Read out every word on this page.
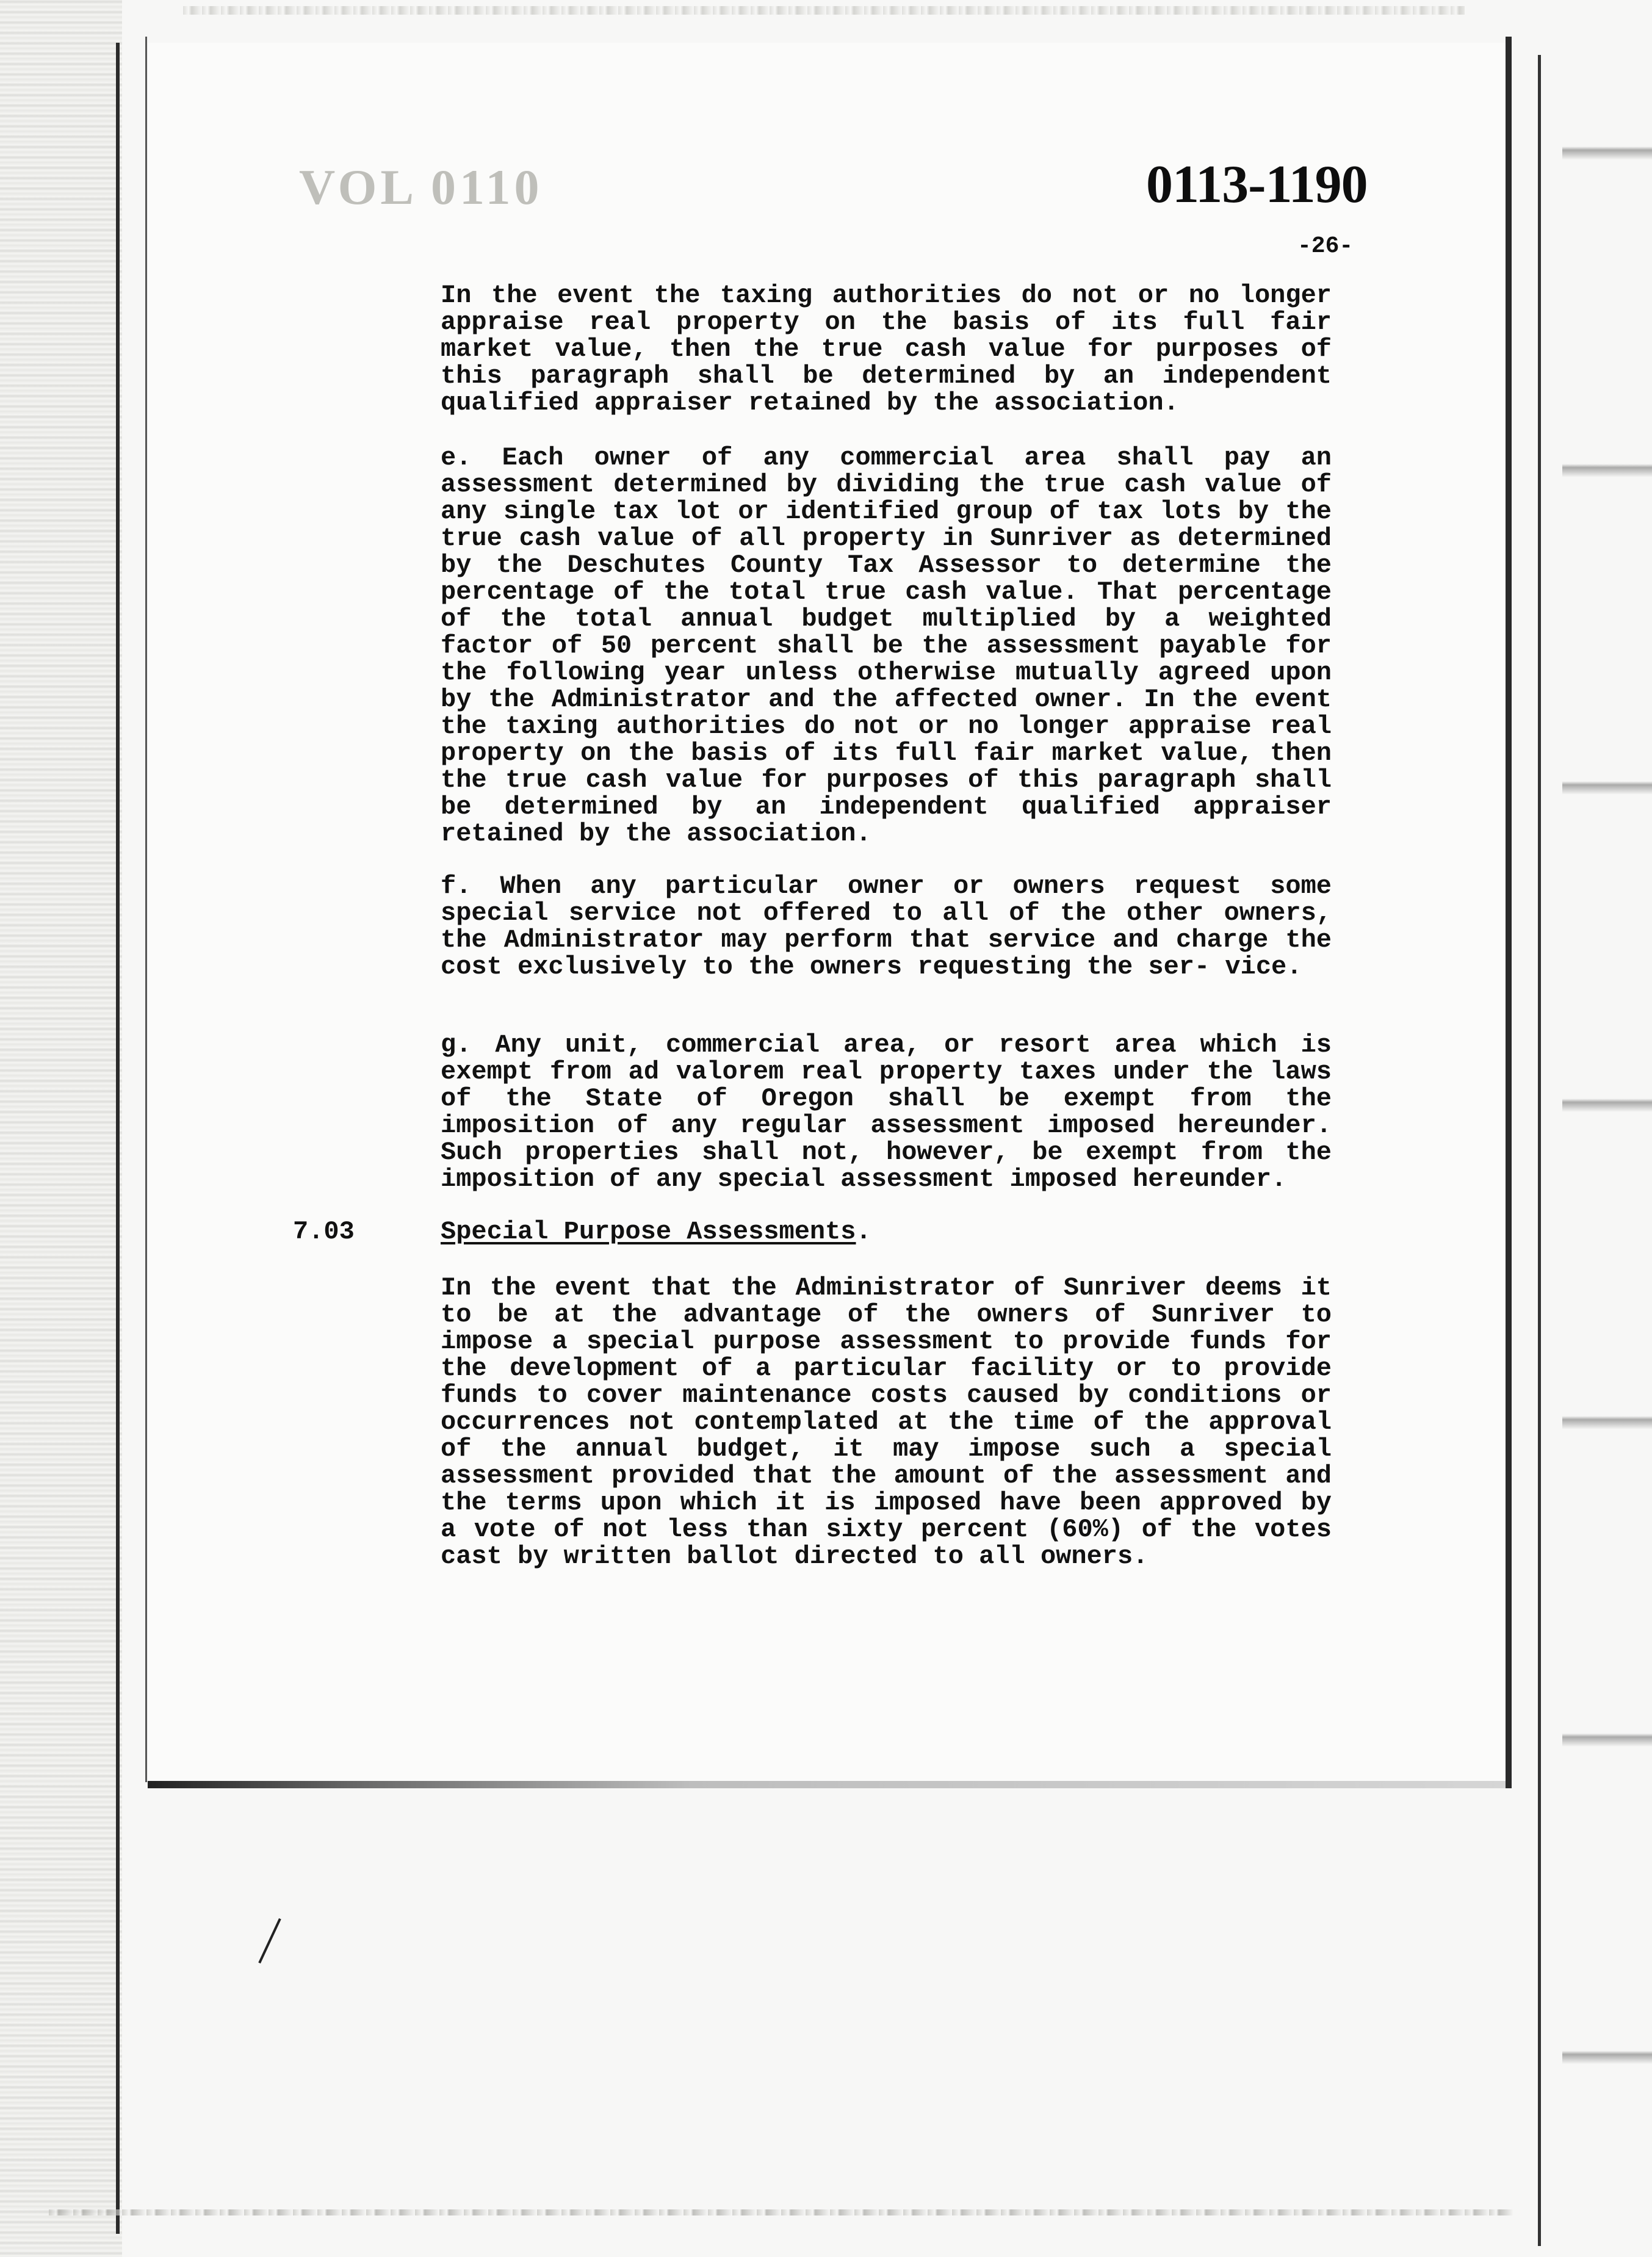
VOL 0110	0113-1190
-26-

In the event the taxing authorities do not or no longer appraise real property on the basis of its full fair market value, then the true cash value for purposes of this paragraph shall be determined by an independent qualified appraiser retained by the association.

e. Each owner of any commercial area shall pay an assessment determined by dividing the true cash value of any single tax lot or identified group of tax lots by the true cash value of all property in Sunriver as determined by the Deschutes County Tax Assessor to determine the percentage of the total true cash value. That percentage of the total annual budget multiplied by a weighted factor of 50 percent shall be the assessment payable for the following year unless otherwise mutually agreed upon by the Administrator and the affected owner. In the event the taxing authorities do not or no longer appraise real property on the basis of its full fair market value, then the true cash value for purposes of this paragraph shall be determined by an independent qualified appraiser retained by the association.

f. When any particular owner or owners request some special service not offered to all of the other owners, the Administrator may perform that service and charge the cost exclusively to the owners requesting the ser- vice.

g. Any unit, commercial area, or resort area which is exempt from ad valorem real property taxes under the laws of the State of Oregon shall be exempt from the imposition of any regular assessment imposed hereunder. Such properties shall not, however, be exempt from the imposition of any special assessment imposed hereunder.

7.03	Special Purpose Assessments.

In the event that the Administrator of Sunriver deems it to be at the advantage of the owners of Sunriver to impose a special purpose assessment to provide funds for the development of a particular facility or to provide funds to cover maintenance costs caused by conditions or occurrences not contemplated at the time of the approval of the annual budget, it may impose such a special assessment provided that the amount of the assessment and the terms upon which it is imposed have been approved by a vote of not less than sixty percent (60%) of the votes cast by written ballot directed to all owners.
